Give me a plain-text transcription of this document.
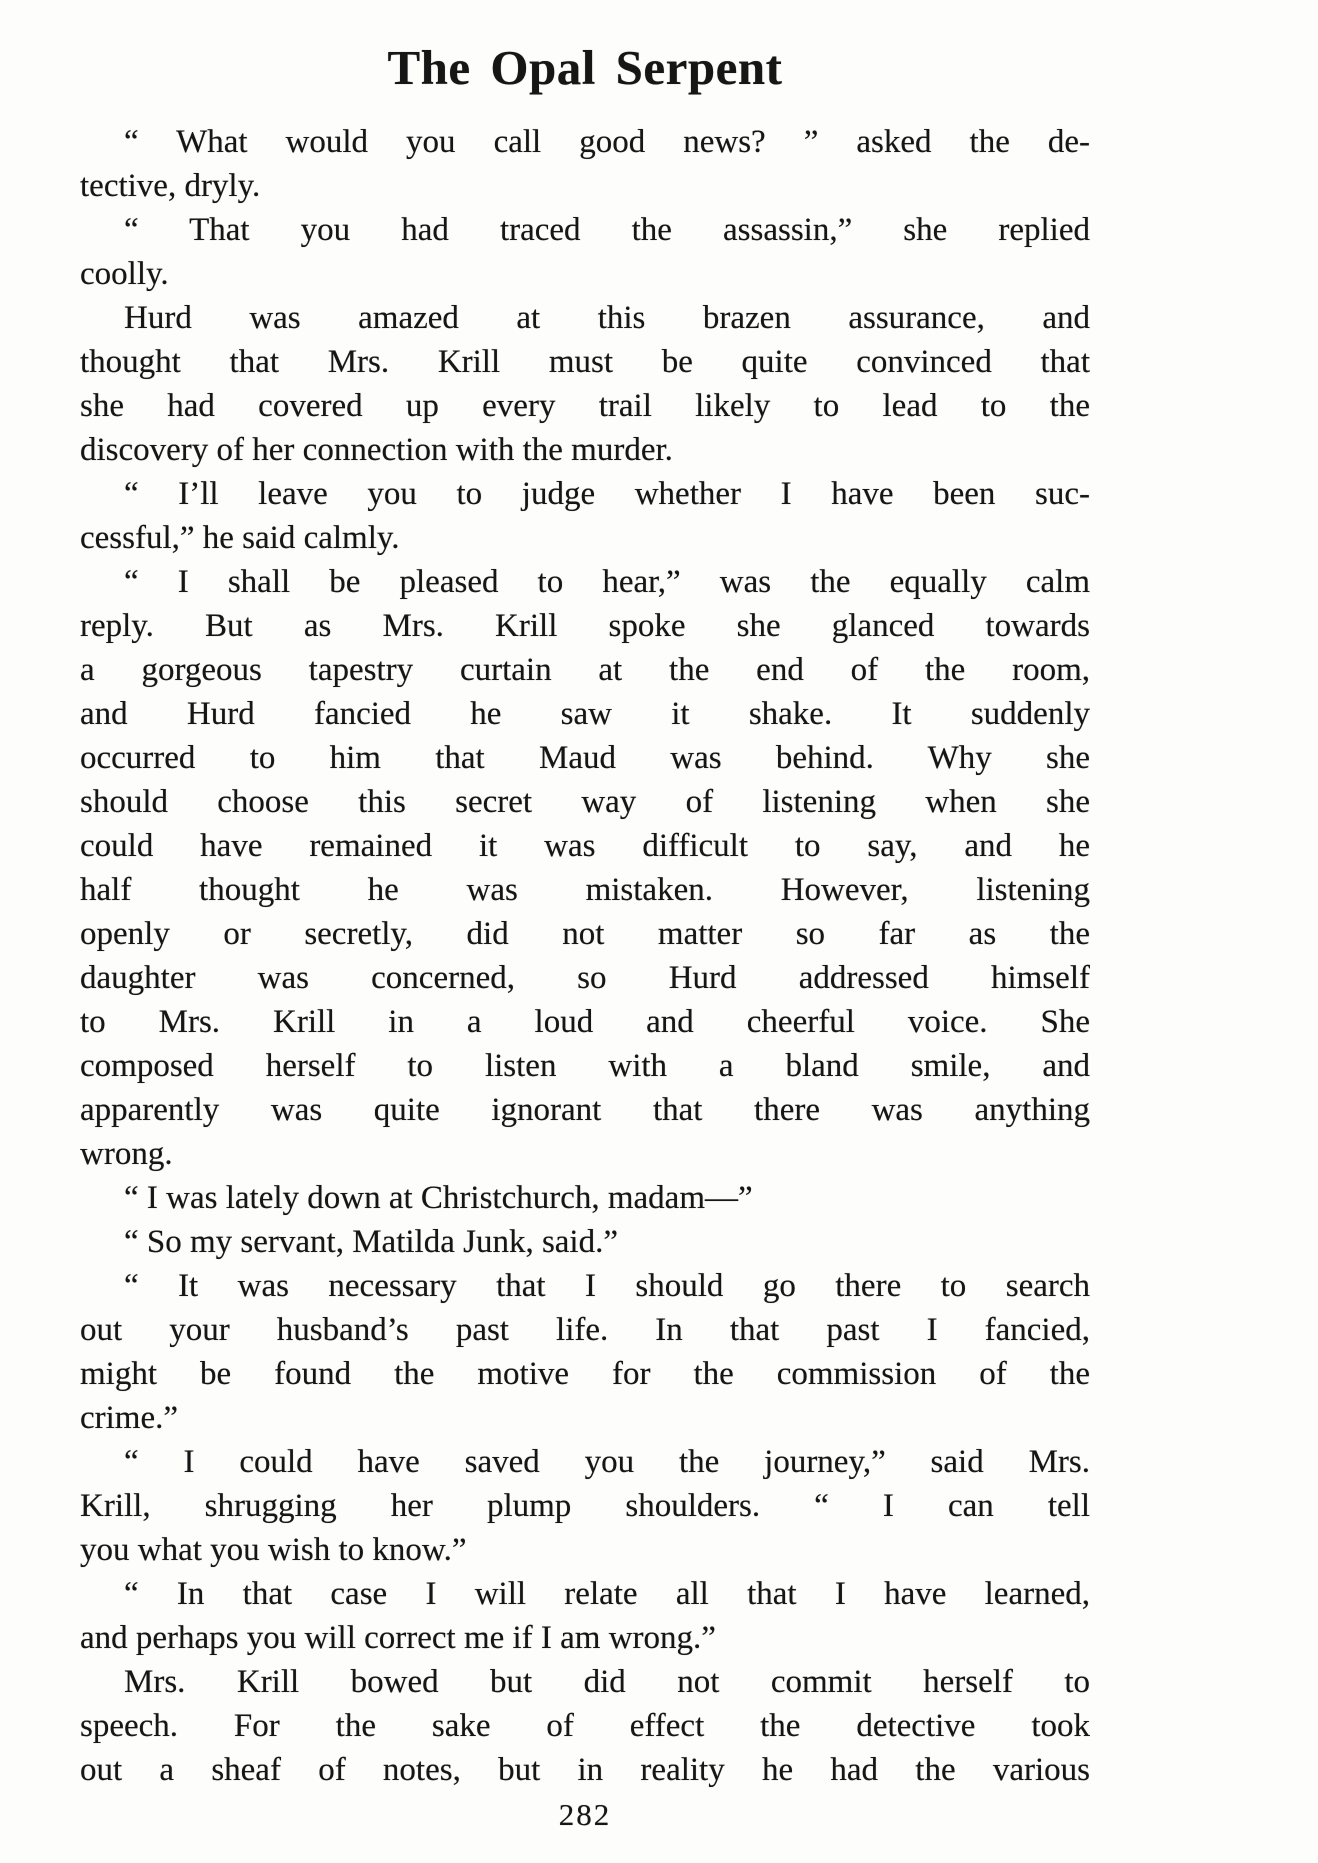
The Opal Serpent
“ What would you call good news? ” asked the de-
tective, dryly.
“ That you had traced the assassin,” she replied
coolly.
Hurd was amazed at this brazen assurance, and
thought that Mrs. Krill must be quite convinced that
she had covered up every trail likely to lead to the
discovery of her connection with the murder.
“ I’ll leave you to judge whether I have been suc-
cessful,” he said calmly.
“ I shall be pleased to hear,” was the equally calm
reply. But as Mrs. Krill spoke she glanced towards
a gorgeous tapestry curtain at the end of the room,
and Hurd fancied he saw it shake. It suddenly
occurred to him that Maud was behind. Why she
should choose this secret way of listening when she
could have remained it was difficult to say, and he
half thought he was mistaken. However, listening
openly or secretly, did not matter so far as the
daughter was concerned, so Hurd addressed himself
to Mrs. Krill in a loud and cheerful voice. She
composed herself to listen with a bland smile, and
apparently was quite ignorant that there was anything
wrong.
“ I was lately down at Christchurch, madam—”
“ So my servant, Matilda Junk, said.”
“ It was necessary that I should go there to search
out your husband’s past life. In that past I fancied,
might be found the motive for the commission of the
crime.”
“ I could have saved you the journey,” said Mrs.
Krill, shrugging her plump shoulders. “ I can tell
you what you wish to know.”
“ In that case I will relate all that I have learned,
and perhaps you will correct me if I am wrong.”
Mrs. Krill bowed but did not commit herself to
speech. For the sake of effect the detective took
out a sheaf of notes, but in reality he had the various
282
